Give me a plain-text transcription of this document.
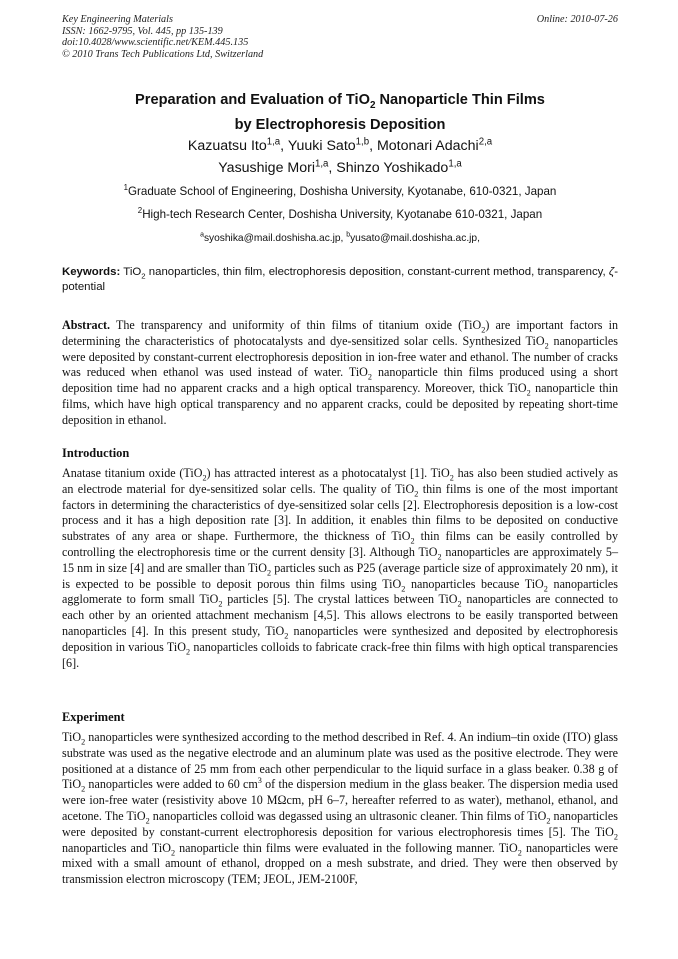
Key Engineering Materials
ISSN: 1662-9795, Vol. 445, pp 135-139
doi:10.4028/www.scientific.net/KEM.445.135
© 2010 Trans Tech Publications Ltd, Switzerland
Online: 2010-07-26
Preparation and Evaluation of TiO$_2$ Nanoparticle Thin Films
by Electrophoresis Deposition
Kazuatsu Ito$^{1,a}$, Yuuki Sato$^{1,b}$, Motonari Adachi$^{2,a}$
Yasushige Mori$^{1,a}$, Shinzo Yoshikado$^{1,a}$
$^1$Graduate School of Engineering, Doshisha University, Kyotanabe, 610-0321, Japan
$^2$High-tech Research Center, Doshisha University, Kyotanabe 610-0321, Japan
$^a$syoshika@mail.doshisha.ac.jp, $^b$yusato@mail.doshisha.ac.jp,
Keywords: TiO$_2$ nanoparticles, thin film, electrophoresis deposition, constant-current method, transparency, ζ- potential
Abstract. The transparency and uniformity of thin films of titanium oxide (TiO$_2$) are important factors in determining the characteristics of photocatalysts and dye-sensitized solar cells. Synthesized TiO$_2$ nanoparticles were deposited by constant-current electrophoresis deposition in ion-free water and ethanol. The number of cracks was reduced when ethanol was used instead of water. TiO$_2$ nanoparticle thin films produced using a short deposition time had no apparent cracks and a high optical transparency. Moreover, thick TiO$_2$ nanoparticle thin films, which have high optical transparency and no apparent cracks, could be deposited by repeating short-time deposition in ethanol.
Introduction
Anatase titanium oxide (TiO$_2$) has attracted interest as a photocatalyst [1]. TiO$_2$ has also been studied actively as an electrode material for dye-sensitized solar cells. The quality of TiO$_2$ thin films is one of the most important factors in determining the characteristics of dye-sensitized solar cells [2]. Electrophoresis deposition is a low-cost process and it has a high deposition rate [3]. In addition, it enables thin films to be deposited on conductive substrates of any area or shape. Furthermore, the thickness of TiO$_2$ thin films can be easily controlled by controlling the electrophoresis time or the current density [3]. Although TiO$_2$ nanoparticles are approximately 5–15 nm in size [4] and are smaller than TiO$_2$ particles such as P25 (average particle size of approximately 20 nm), it is expected to be possible to deposit porous thin films using TiO$_2$ nanoparticles because TiO$_2$ nanoparticles agglomerate to form small TiO$_2$ particles [5]. The crystal lattices between TiO$_2$ nanoparticles are connected to each other by an oriented attachment mechanism [4,5]. This allows electrons to be easily transported between nanoparticles [4]. In this present study, TiO$_2$ nanoparticles were synthesized and deposited by electrophoresis deposition in various TiO$_2$ nanoparticles colloids to fabricate crack-free thin films with high optical transparencies [6].
Experiment
TiO$_2$ nanoparticles were synthesized according to the method described in Ref. 4. An indium–tin oxide (ITO) glass substrate was used as the negative electrode and an aluminum plate was used as the positive electrode. They were positioned at a distance of 25 mm from each other perpendicular to the liquid surface in a glass beaker. 0.38 g of TiO$_2$ nanoparticles were added to 60 $cm^3$ of the dispersion medium in the glass beaker. The dispersion media used were ion-free water (resistivity above 10 MΩcm, pH 6–7, hereafter referred to as water), methanol, ethanol, and acetone. The TiO$_2$ nanoparticles colloid was degassed using an ultrasonic cleaner. Thin films of TiO$_2$ nanoparticles were deposited by constant-current electrophoresis deposition for various electrophoresis times [5]. The TiO$_2$ nanoparticles and TiO$_2$ nanoparticle thin films were evaluated in the following manner. TiO$_2$ nanoparticles were mixed with a small amount of ethanol, dropped on a mesh substrate, and dried. They were then observed by transmission electron microscopy (TEM; JEOL, JEM-2100F,
